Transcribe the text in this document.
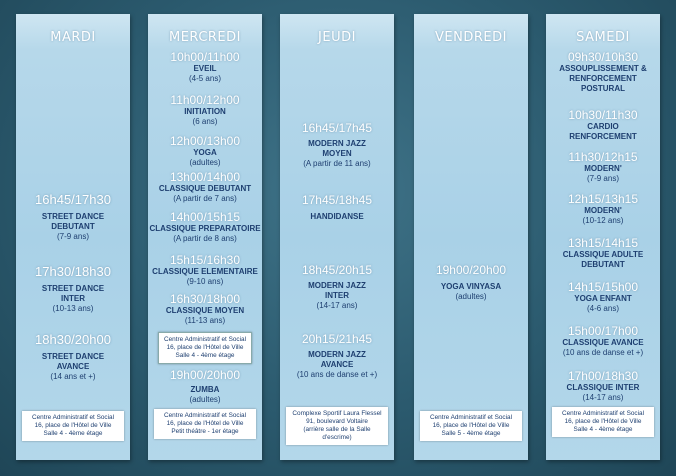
MARDI
16h45/17h30
STREET DANCE
DEBUTANT
(7-9 ans)
17h30/18h30
STREET DANCE
INTER
(10-13 ans)
18h30/20h00
STREET DANCE
AVANCE
(14 ans et +)
Centre Administratif et Social
16, place de l'Hôtel de Ville
Salle 4 - 4ème étage
MERCREDI
10h00/11h00
EVEIL
(4-5 ans)
11h00/12h00
INITIATION
(6 ans)
12h00/13h00
YOGA
(adultes)
13h00/14h00
CLASSIQUE DEBUTANT
(A partir de 7 ans)
14h00/15h15
CLASSIQUE PREPARATOIRE
(A partir de 8 ans)
15h15/16h30
CLASSIQUE ELEMENTAIRE
(9-10 ans)
16h30/18h00
CLASSIQUE MOYEN
(11-13 ans)
Centre Administratif et Social
16, place de l'Hôtel de Ville
Salle 4 - 4ème étage
19h00/20h00
ZUMBA
(adultes)
Centre Administratif et Social
16, place de l'Hôtel de Ville
Petit théâtre - 1er étage
JEUDI
16h45/17h45
MODERN JAZZ
MOYEN
(A partir de 11 ans)
17h45/18h45
HANDIDANSE
18h45/20h15
MODERN JAZZ
INTER
(14-17 ans)
20h15/21h45
MODERN JAZZ
AVANCE
(10 ans de danse et +)
Complexe Sportif Laura Flessel
91, boulevard Voltaire
(arrière salle de la Salle d'escrime)
VENDREDI
19h00/20h00
YOGA VINYASA
(adultes)
Centre Administratif et Social
16, place de l'Hôtel de Ville
Salle 5 - 4ème étage
SAMEDI
09h30/10h30
ASSOUPLISSEMENT &
RENFORCEMENT
POSTURAL
10h30/11h30
CARDIO
RENFORCEMENT
11h30/12h15
MODERN'
(7-9 ans)
12h15/13h15
MODERN'
(10-12 ans)
13h15/14h15
CLASSIQUE ADULTE
DEBUTANT
14h15/15h00
YOGA ENFANT
(4-6 ans)
15h00/17h00
CLASSIQUE AVANCE
(10 ans de danse et +)
17h00/18h30
CLASSIQUE INTER
(14-17 ans)
Centre Administratif et Social
16, place de l'Hôtel de Ville
Salle 4 - 4ème étage
